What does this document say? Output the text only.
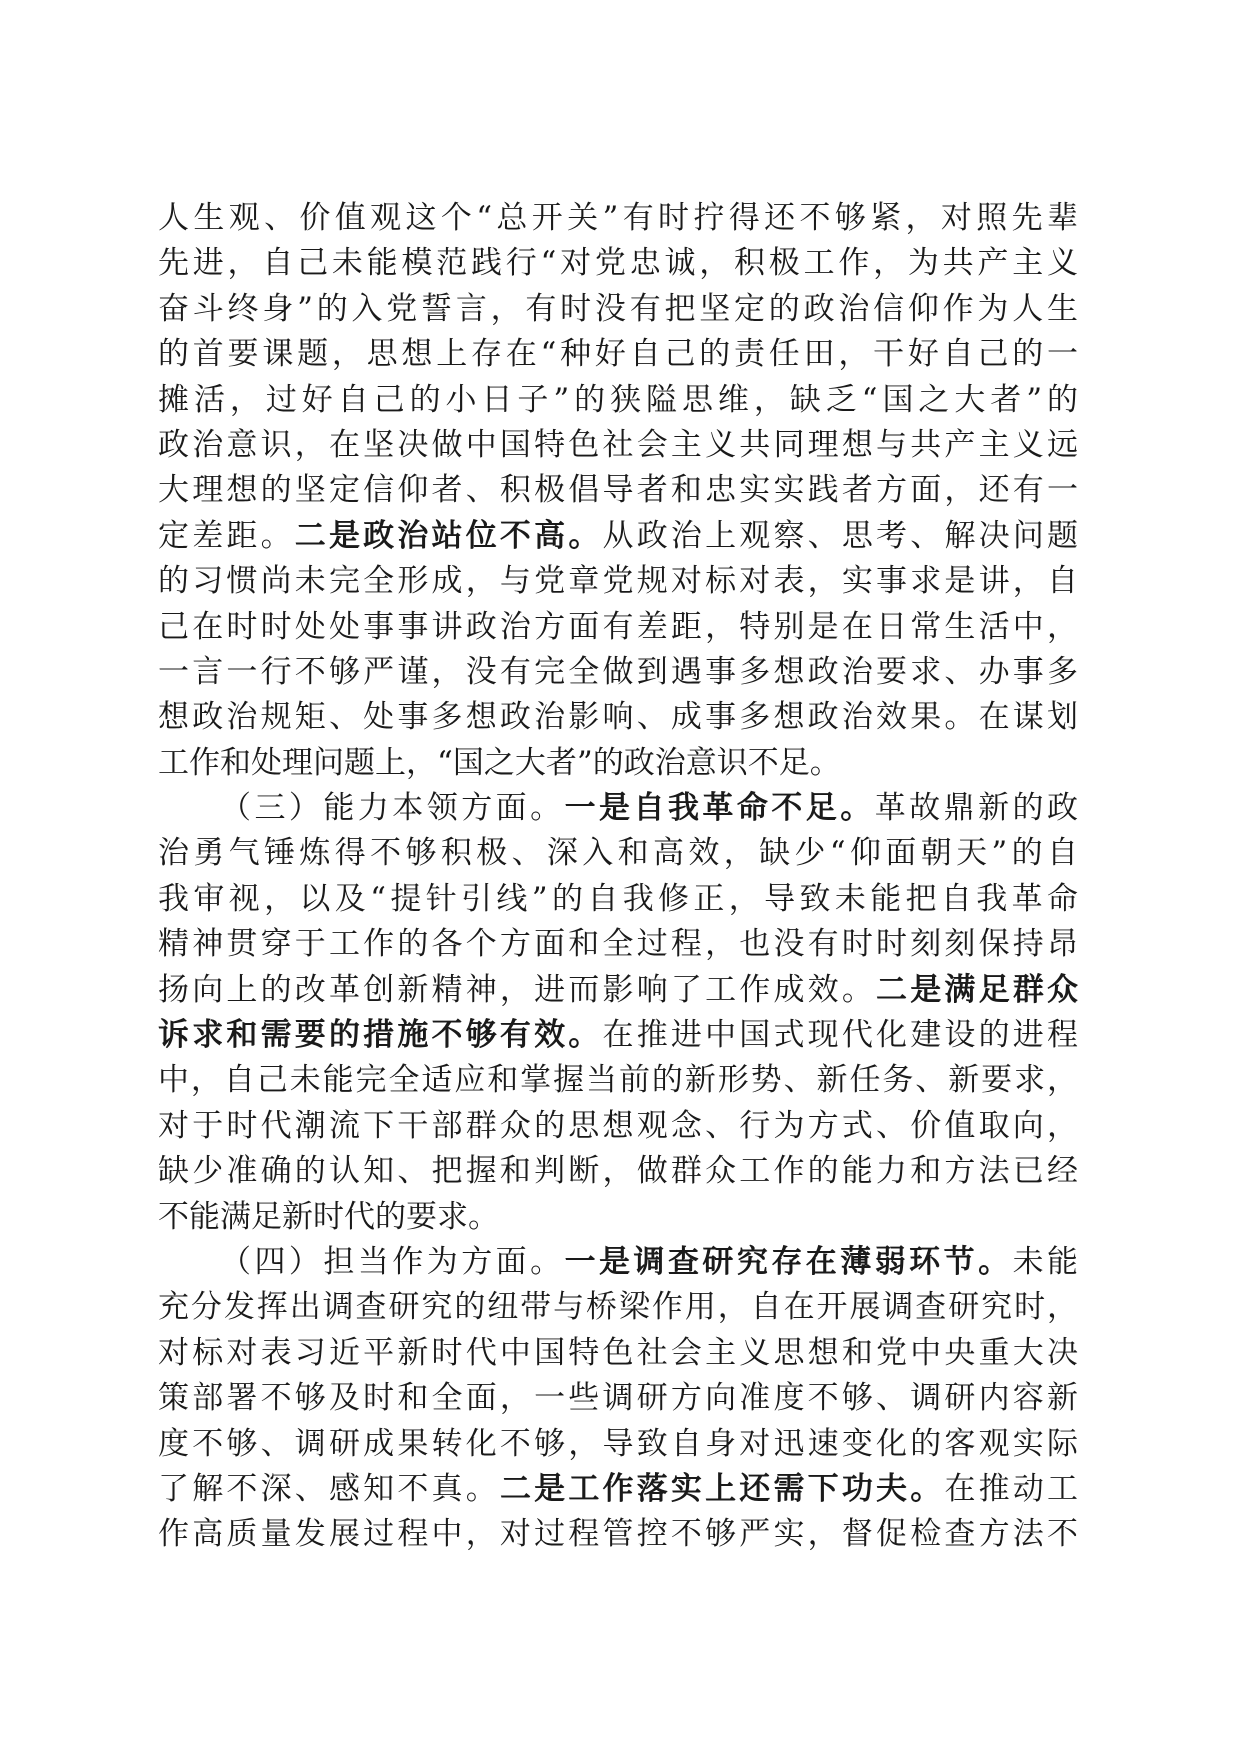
人生观、价值观这个“总开关”有时拧得还不够紧，对照先辈
先进，自己未能模范践行“对党忠诚，积极工作，为共产主义
奋斗终身”的入党誓言，有时没有把坚定的政治信仰作为人生
的首要课题，思想上存在“种好自己的责任田，干好自己的一
摊活，过好自己的小日子”的狭隘思维，缺乏“国之大者”的
政治意识，在坚决做中国特色社会主义共同理想与共产主义远
大理想的坚定信仰者、积极倡导者和忠实实践者方面，还有一
定差距。二是政治站位不高。从政治上观察、思考、解决问题
的习惯尚未完全形成，与党章党规对标对表，实事求是讲，自
己在时时处处事事讲政治方面有差距，特别是在日常生活中，
一言一行不够严谨，没有完全做到遇事多想政治要求、办事多
想政治规矩、处事多想政治影响、成事多想政治效果。在谋划
工作和处理问题上，“国之大者”的政治意识不足。
（三）能力本领方面。一是自我革命不足。革故鼎新的政
治勇气锤炼得不够积极、深入和高效，缺少“仰面朝天”的自
我审视，以及“提针引线”的自我修正，导致未能把自我革命
精神贯穿于工作的各个方面和全过程，也没有时时刻刻保持昂
扬向上的改革创新精神，进而影响了工作成效。二是满足群众
诉求和需要的措施不够有效。在推进中国式现代化建设的进程
中，自己未能完全适应和掌握当前的新形势、新任务、新要求，
对于时代潮流下干部群众的思想观念、行为方式、价值取向，
缺少准确的认知、把握和判断，做群众工作的能力和方法已经
不能满足新时代的要求。
（四）担当作为方面。一是调查研究存在薄弱环节。未能
充分发挥出调查研究的纽带与桥梁作用，自在开展调查研究时，
对标对表习近平新时代中国特色社会主义思想和党中央重大决
策部署不够及时和全面，一些调研方向准度不够、调研内容新
度不够、调研成果转化不够，导致自身对迅速变化的客观实际
了解不深、感知不真。二是工作落实上还需下功夫。在推动工
作高质量发展过程中，对过程管控不够严实，督促检查方法不
